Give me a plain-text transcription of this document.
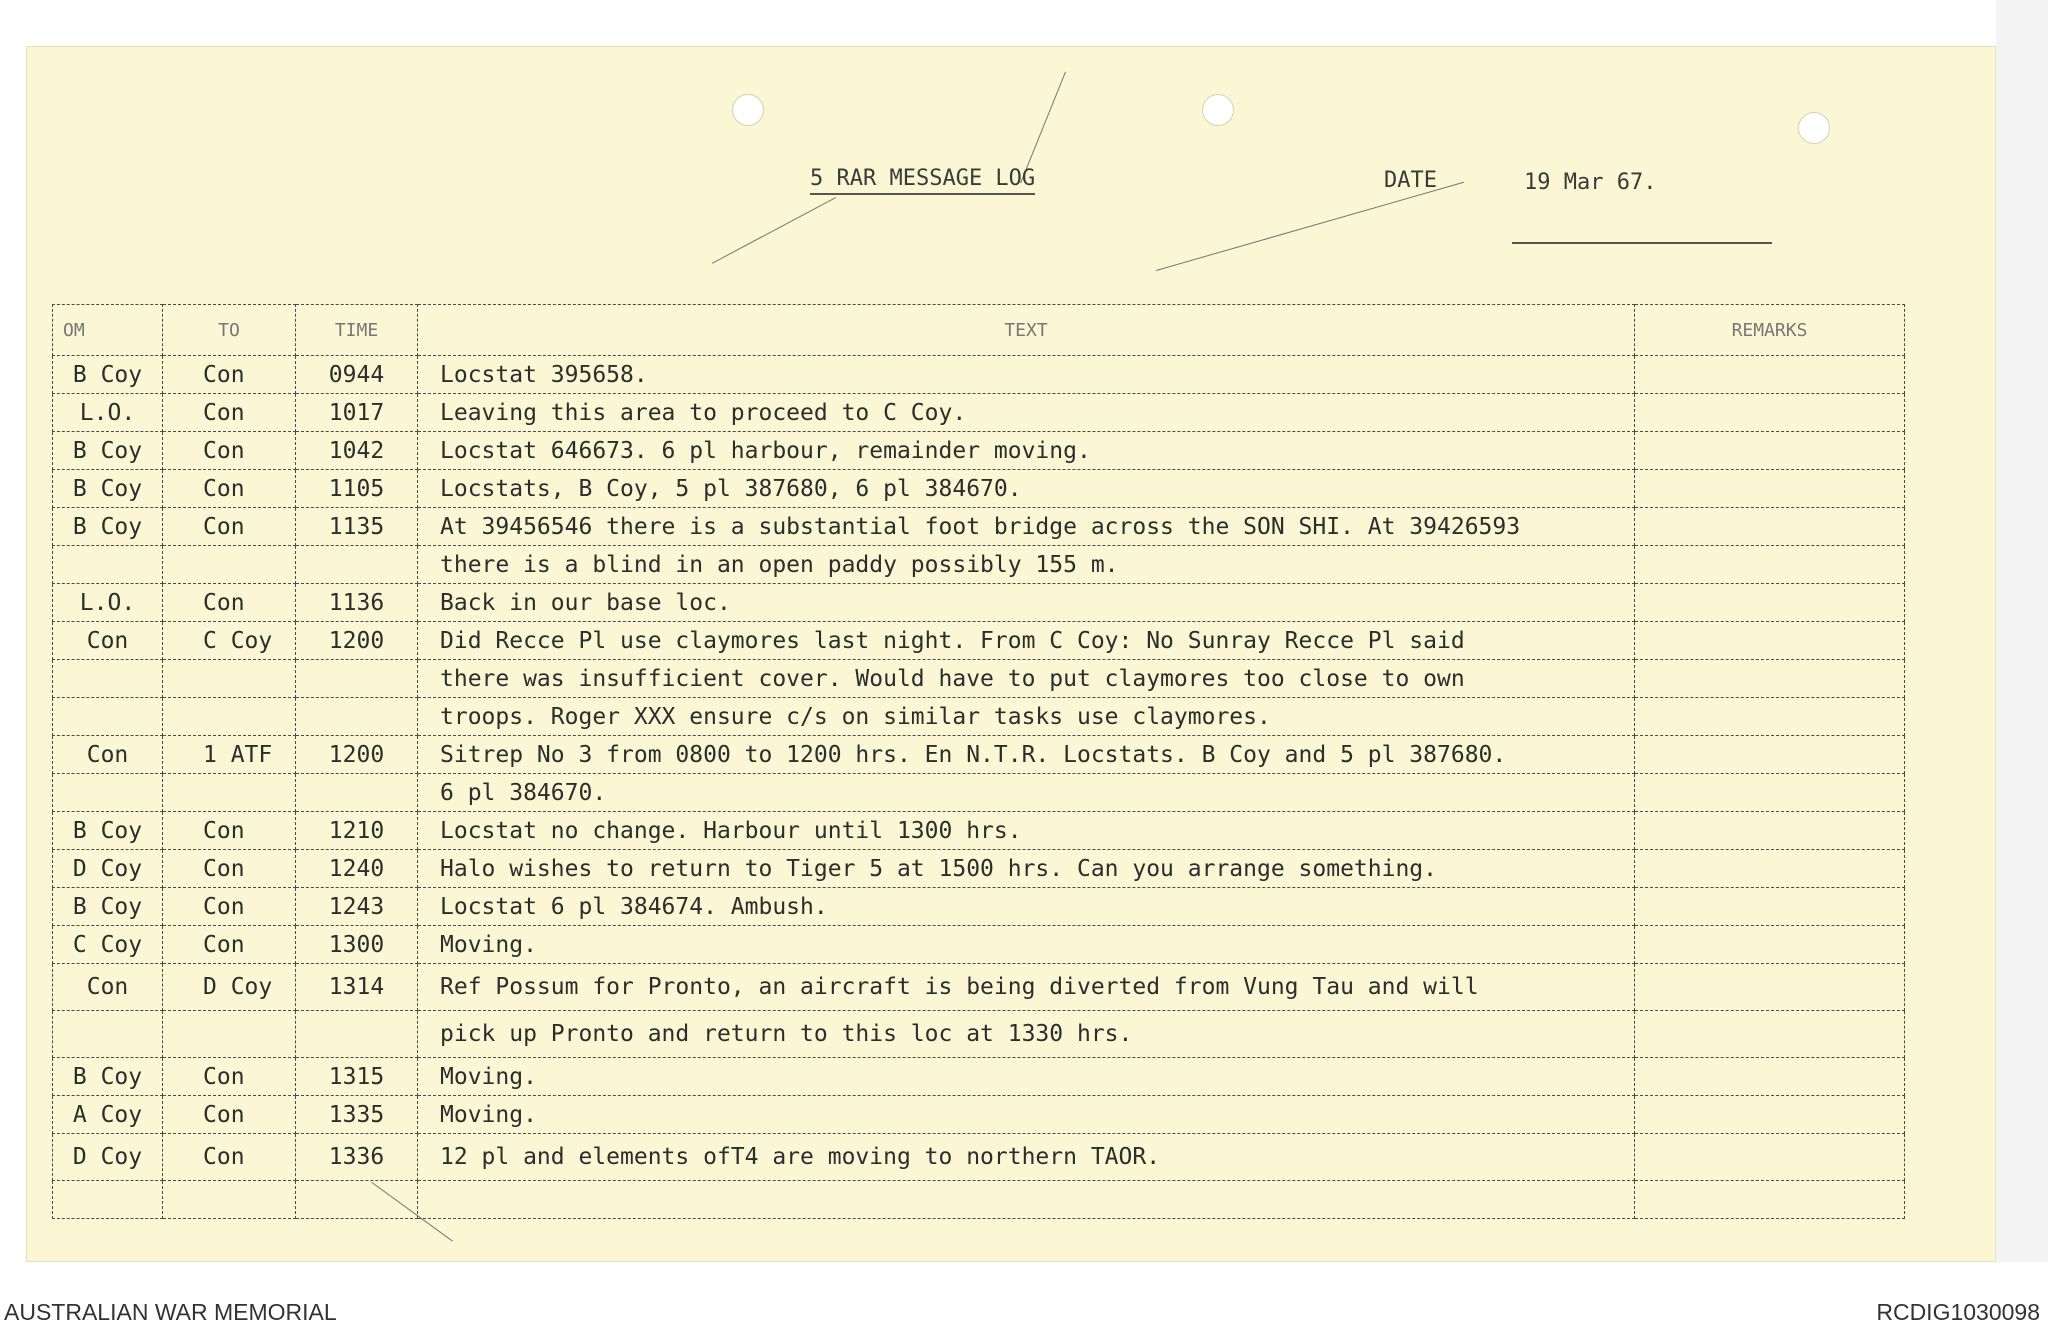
5 RAR MESSAGE LOG	DATE	19 Mar 67.
OM	TO	TIME	TEXT	REMARKS
B Coy	Con	0944	Locstat 395658.	
L.O.	Con	1017	Leaving this area to proceed to C Coy.	
B Coy	Con	1042	Locstat 646673. 6 pl harbour, remainder moving.	
B Coy	Con	1105	Locstats, B Coy, 5 pl 387680, 6 pl 384670.	
B Coy	Con	1135	At 39456546 there is a substantial foot bridge across the SON SHI. At 39426593	
			there is a blind in an open paddy possibly 155 m.	
L.O.	Con	1136	Back in our base loc.	
Con	C Coy	1200	Did Recce Pl use claymores last night. From C Coy: No Sunray Recce Pl said	
			there was insufficient cover. Would have to put claymores too close to own	
			troops. Roger XXX ensure c/s on similar tasks use claymores.	
Con	1 ATF	1200	Sitrep No 3 from 0800 to 1200 hrs. En N.T.R. Locstats. B Coy and 5 pl 387680.	
			6 pl 384670.	
B Coy	Con	1210	Locstat no change. Harbour until 1300 hrs.	
D Coy	Con	1240	Halo wishes to return to Tiger 5 at 1500 hrs. Can you arrange something.	
B Coy	Con	1243	Locstat 6 pl 384674. Ambush.	
C Coy	Con	1300	Moving.	
Con	D Coy	1314	Ref Possum for Pronto, an aircraft is being diverted from Vung Tau and will	
			pick up Pronto and return to this loc at 1330 hrs.	
B Coy	Con	1315	Moving.	
A Coy	Con	1335	Moving.	
D Coy	Con	1336	12 pl and elements ofT4 are moving to northern TAOR.	

AUSTRALIAN WAR MEMORIAL	RCDIG1030098
